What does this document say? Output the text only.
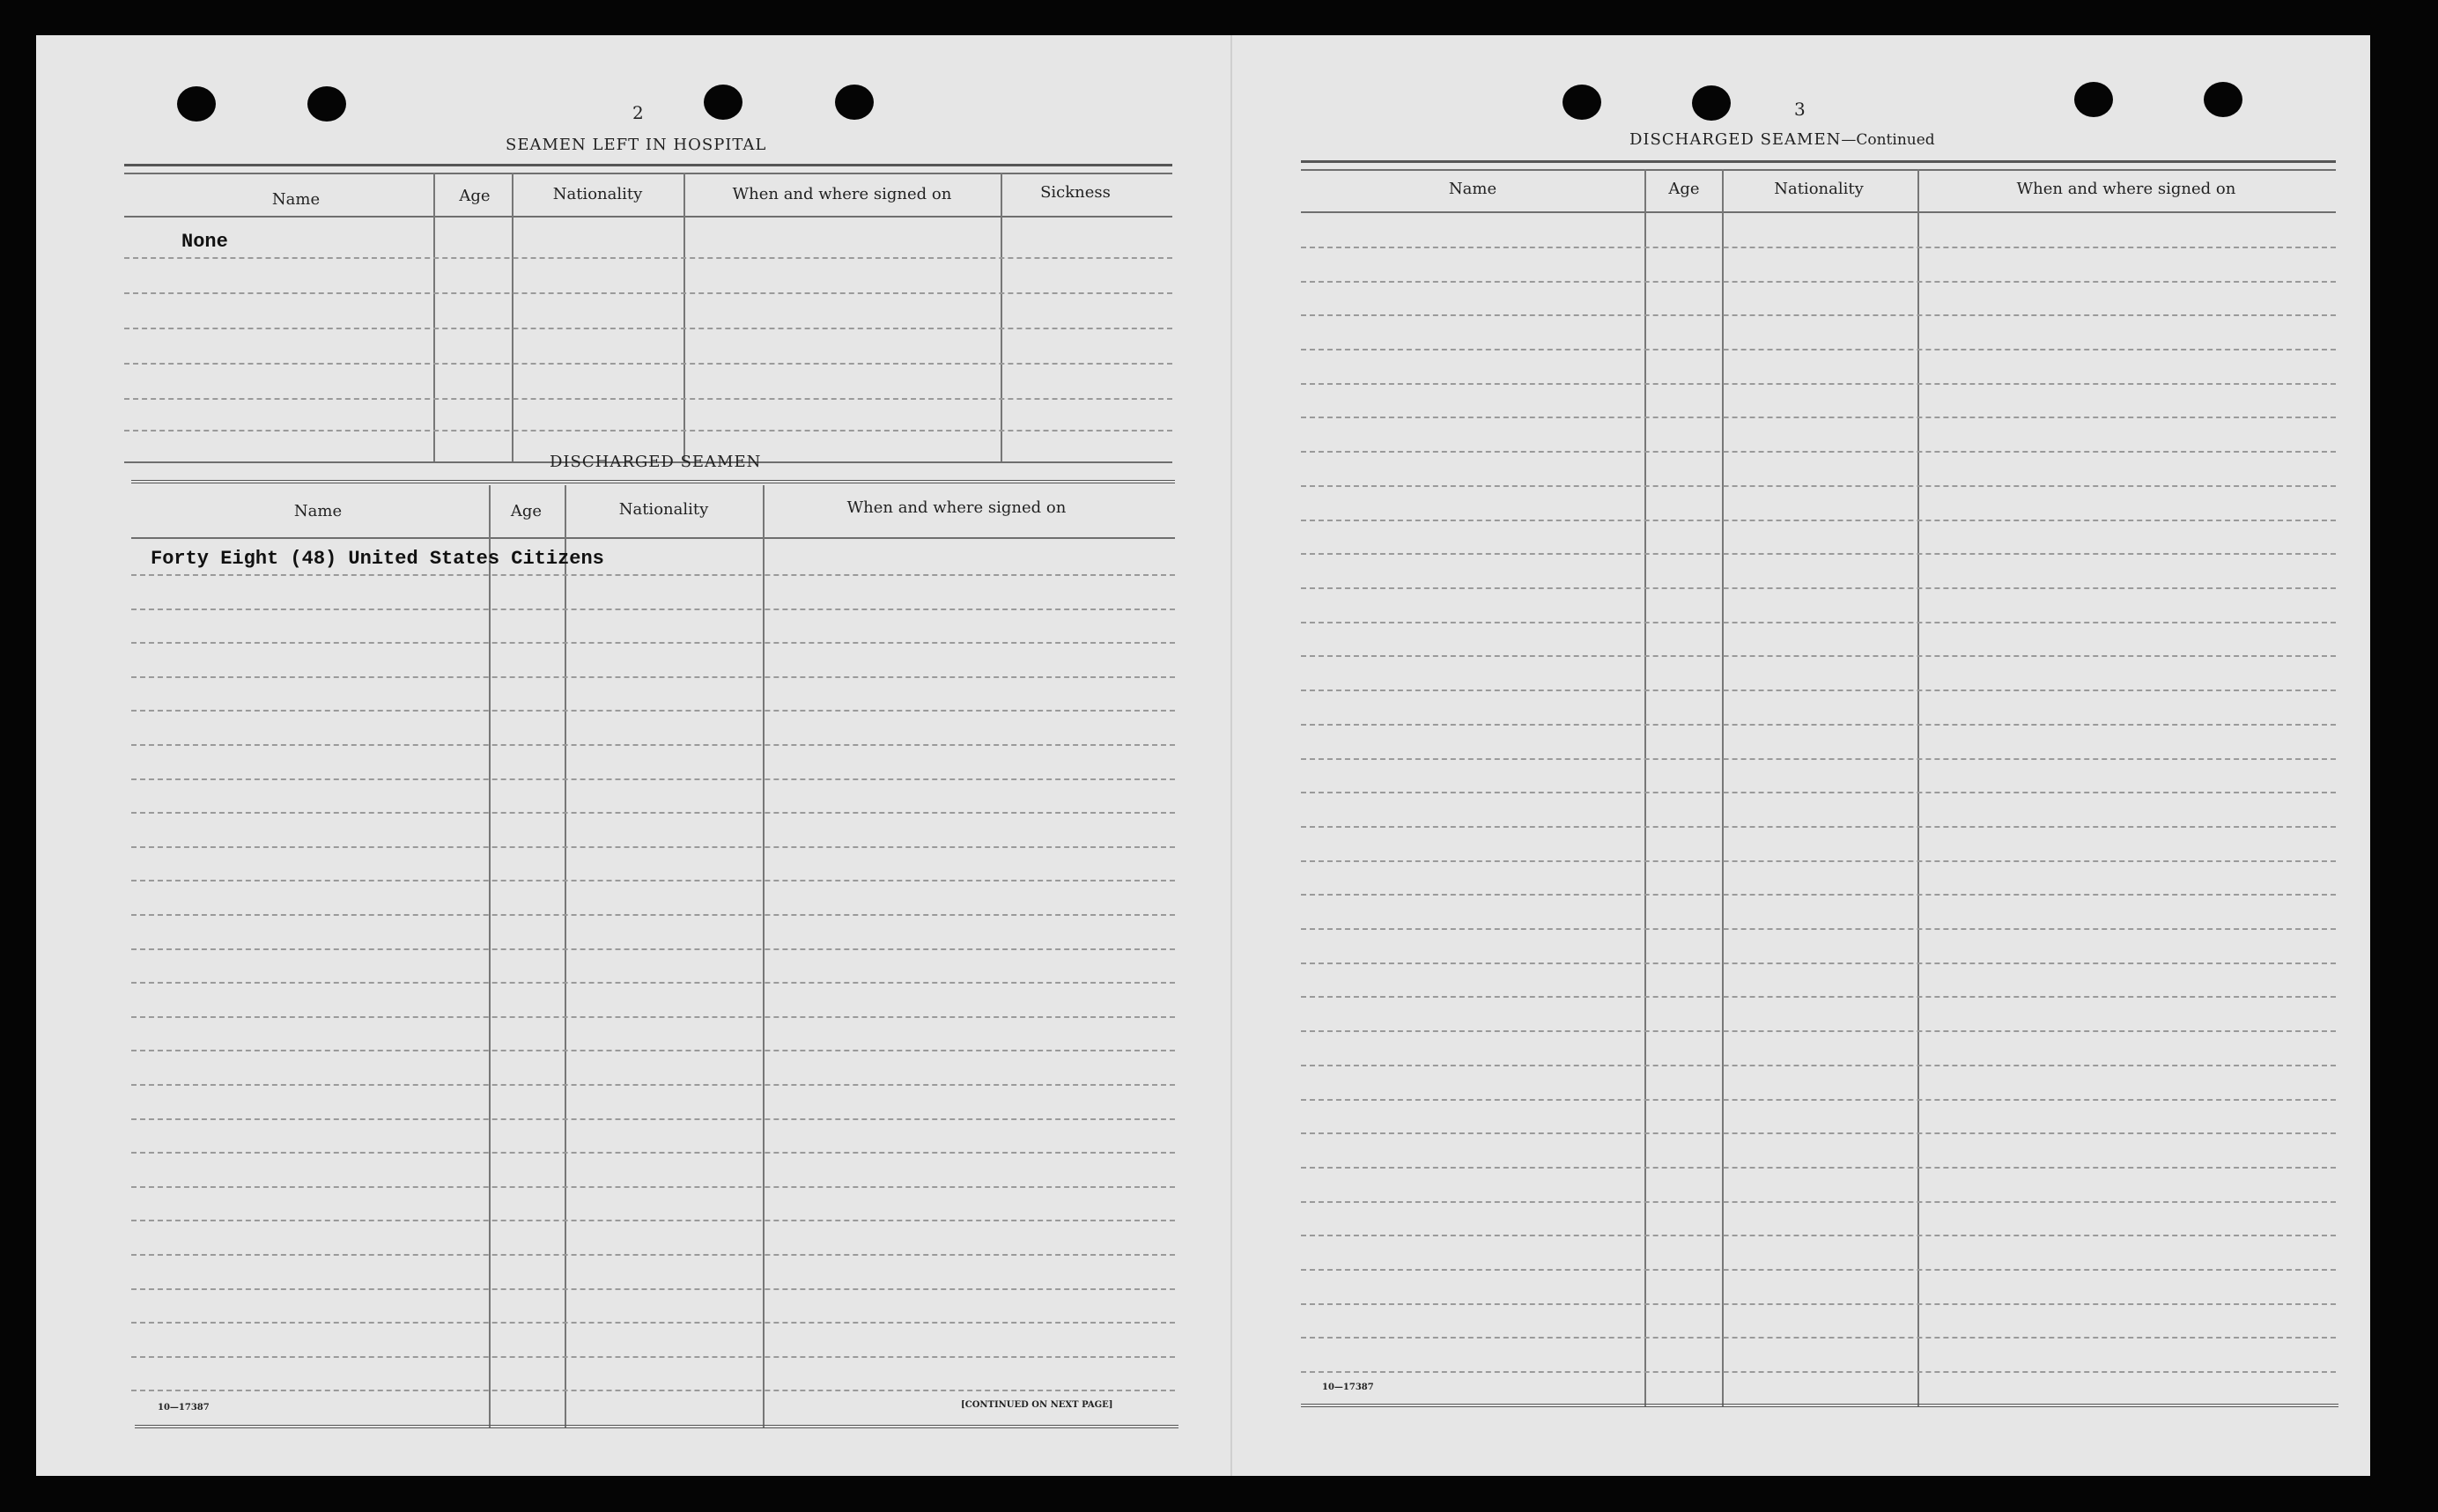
2
SEAMEN LEFT IN HOSPITAL
Name	Age	Nationality	When and where signed on	Sickness
None
DISCHARGED SEAMEN
Name	Age	Nationality	When and where signed on
Forty Eight (48) United States Citizens
10—17387	[CONTINUED ON NEXT PAGE]
3
DISCHARGED SEAMEN—Continued
Name	Age	Nationality	When and where signed on
10—17387
